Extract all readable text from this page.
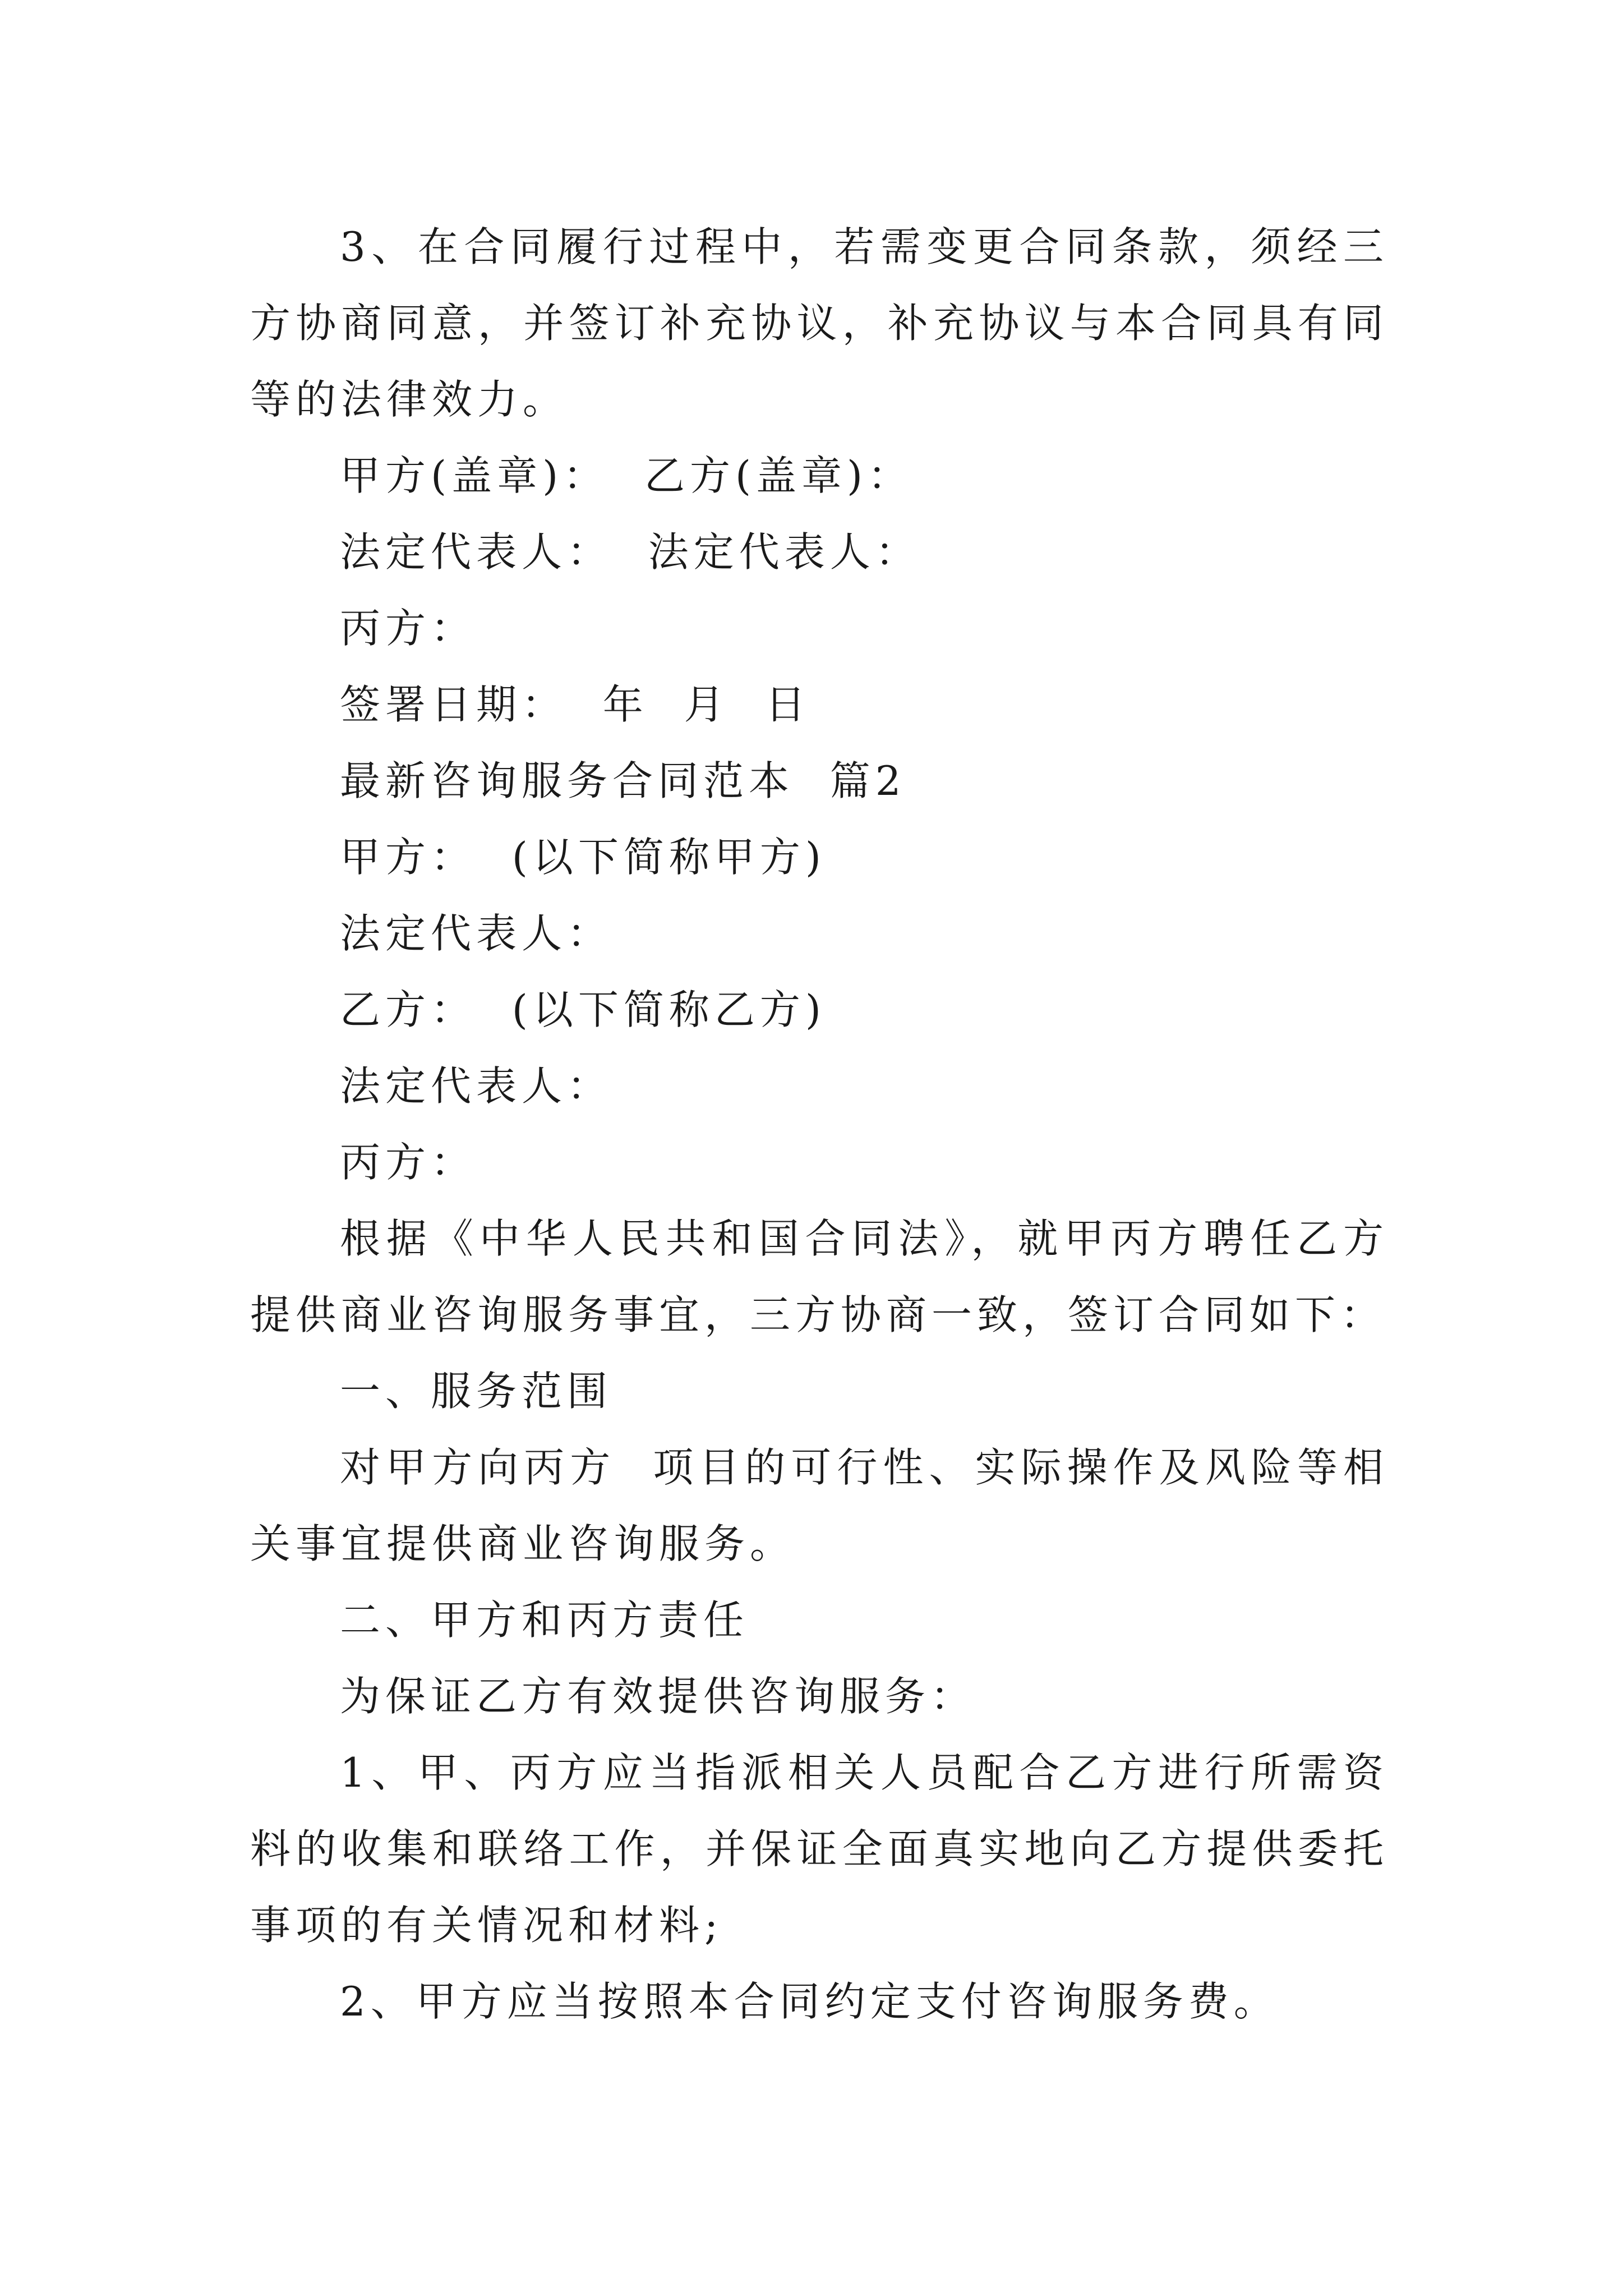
3、在合同履行过程中，若需变更合同条款，须经三方协商同意，并签订补充协议，补充协议与本合同具有同等的法律效力。

甲方(盖章)：  乙方(盖章)：

法定代表人：  法定代表人：

丙方：

签署日期：  年  月  日

最新咨询服务合同范本  篇2

甲方：  (以下简称甲方)

法定代表人：

乙方：  (以下简称乙方)

法定代表人：

丙方：

根据《中华人民共和国合同法》，就甲丙方聘任乙方提供商业咨询服务事宜，三方协商一致，签订合同如下：

一、服务范围

对甲方向丙方  项目的可行性、实际操作及风险等相关事宜提供商业咨询服务。

二、甲方和丙方责任

为保证乙方有效提供咨询服务：

1、甲、丙方应当指派相关人员配合乙方进行所需资料的收集和联络工作，并保证全面真实地向乙方提供委托事项的有关情况和材料;

2、甲方应当按照本合同约定支付咨询服务费。
